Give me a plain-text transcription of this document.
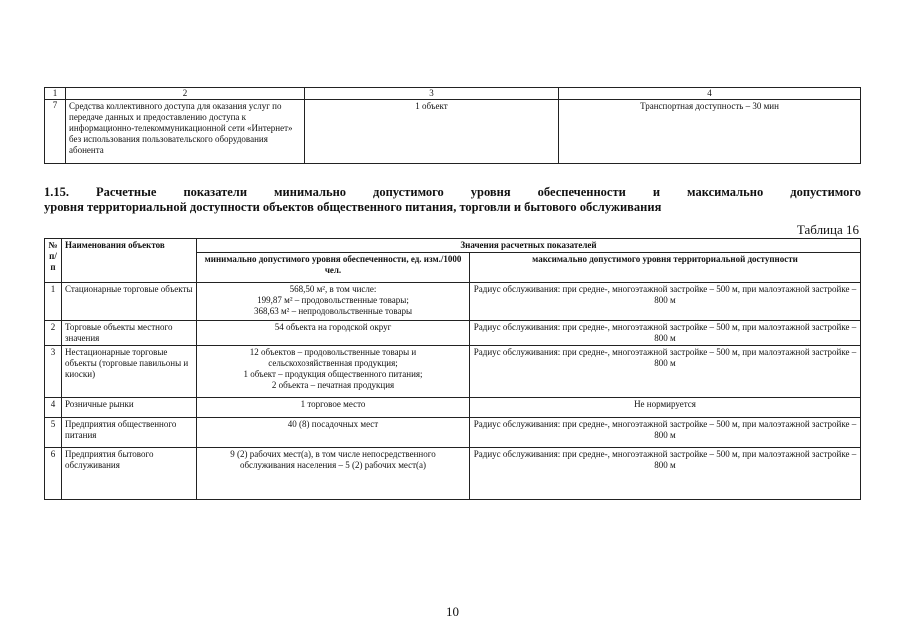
1	2	3	4
7	Средства коллективного доступа для оказания услуг по передаче данных и предоставлению доступа к информационно-телекоммуникационной сети «Интернет» без использования пользовательского оборудования абонента	1 объект	Транспортная доступность – 30 мин
1.15. Расчетные показатели минимально допустимого уровня обеспеченности и максимально допустимого
уровня территориальной доступности объектов общественного питания, торговли и бытового обслуживания
Таблица 16
№ п/п	Наименования объектов	Значения расчетных показателей	
		минимально допустимого уровня обеспеченности, ед. изм./1000 чел.	максимально допустимого уровня территориальной доступности
1	Стационарные торговые объекты	568,50 м², в том числе:
199,87 м² – продовольственные товары;
368,63 м² – непродовольственные товары	Радиус обслуживания: при средне-, многоэтажной застройке – 500 м, при малоэтажной застройке – 800 м
2	Торговые объекты местного значения	54 объекта на городской округ	Радиус обслуживания: при средне-, многоэтажной застройке – 500 м, при малоэтажной застройке – 800 м
3	Нестационарные торговые объекты (торговые павильоны и киоски)	12 объектов – продовольственные товары и
сельскохозяйственная продукция;
1 объект – продукция общественного питания;
2 объекта – печатная продукция	Радиус обслуживания: при средне-, многоэтажной застройке – 500 м, при малоэтажной застройке – 800 м
4	Розничные рынки	1 торговое место	Не нормируется
5	Предприятия общественного питания	40 (8) посадочных мест	Радиус обслуживания: при средне-, многоэтажной застройке – 500 м, при малоэтажной застройке – 800 м
6	Предприятия бытового обслуживания	9 (2) рабочих мест(а), в том числе непосредственного
обслуживания населения – 5 (2) рабочих мест(а)	Радиус обслуживания: при средне-, многоэтажной застройке – 500 м, при малоэтажной застройке – 800 м
10
